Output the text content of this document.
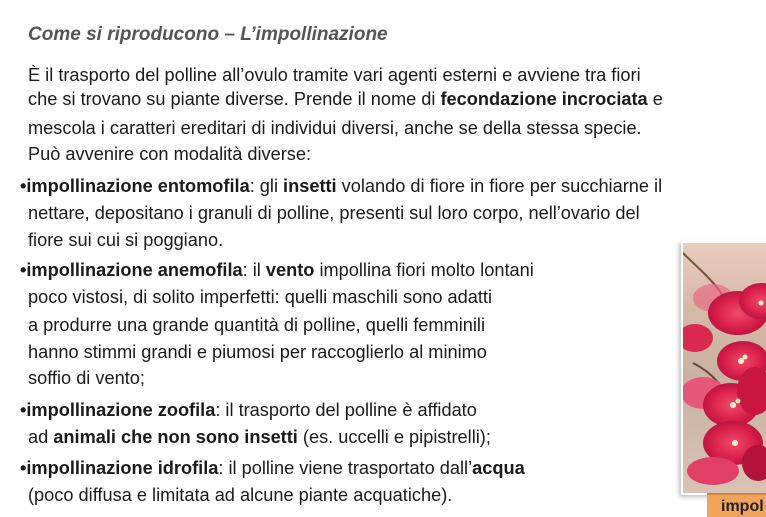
Come si riproducono – L’impollinazione
È il trasporto del polline all’ovulo tramite vari agenti esterni e avviene tra fiori
che si trovano su piante diverse. Prende il nome di fecondazione incrociata e
mescola i caratteri ereditari di individui diversi, anche se della stessa specie.
Può avvenire con modalità diverse:
•impollinazione entomofila: gli insetti volando di fiore in fiore per succhiarne il
nettare, depositano i granuli di polline, presenti sul loro corpo, nell’ovario del
fiore sui cui si poggiano.
•impollinazione anemofila: il vento impollina fiori molto lontani
poco vistosi, di solito imperfetti: quelli maschili sono adatti
a produrre una grande quantità di polline, quelli femminili
hanno stimmi grandi e piumosi per raccoglierlo al minimo
soffio di vento;
•impollinazione zoofila: il trasporto del polline è affidato
ad animali che non sono insetti (es. uccelli e pipistrelli);
•impollinazione idrofila: il polline viene trasportato dall’acqua
(poco diffusa e limitata ad alcune piante acquatiche).
impol
